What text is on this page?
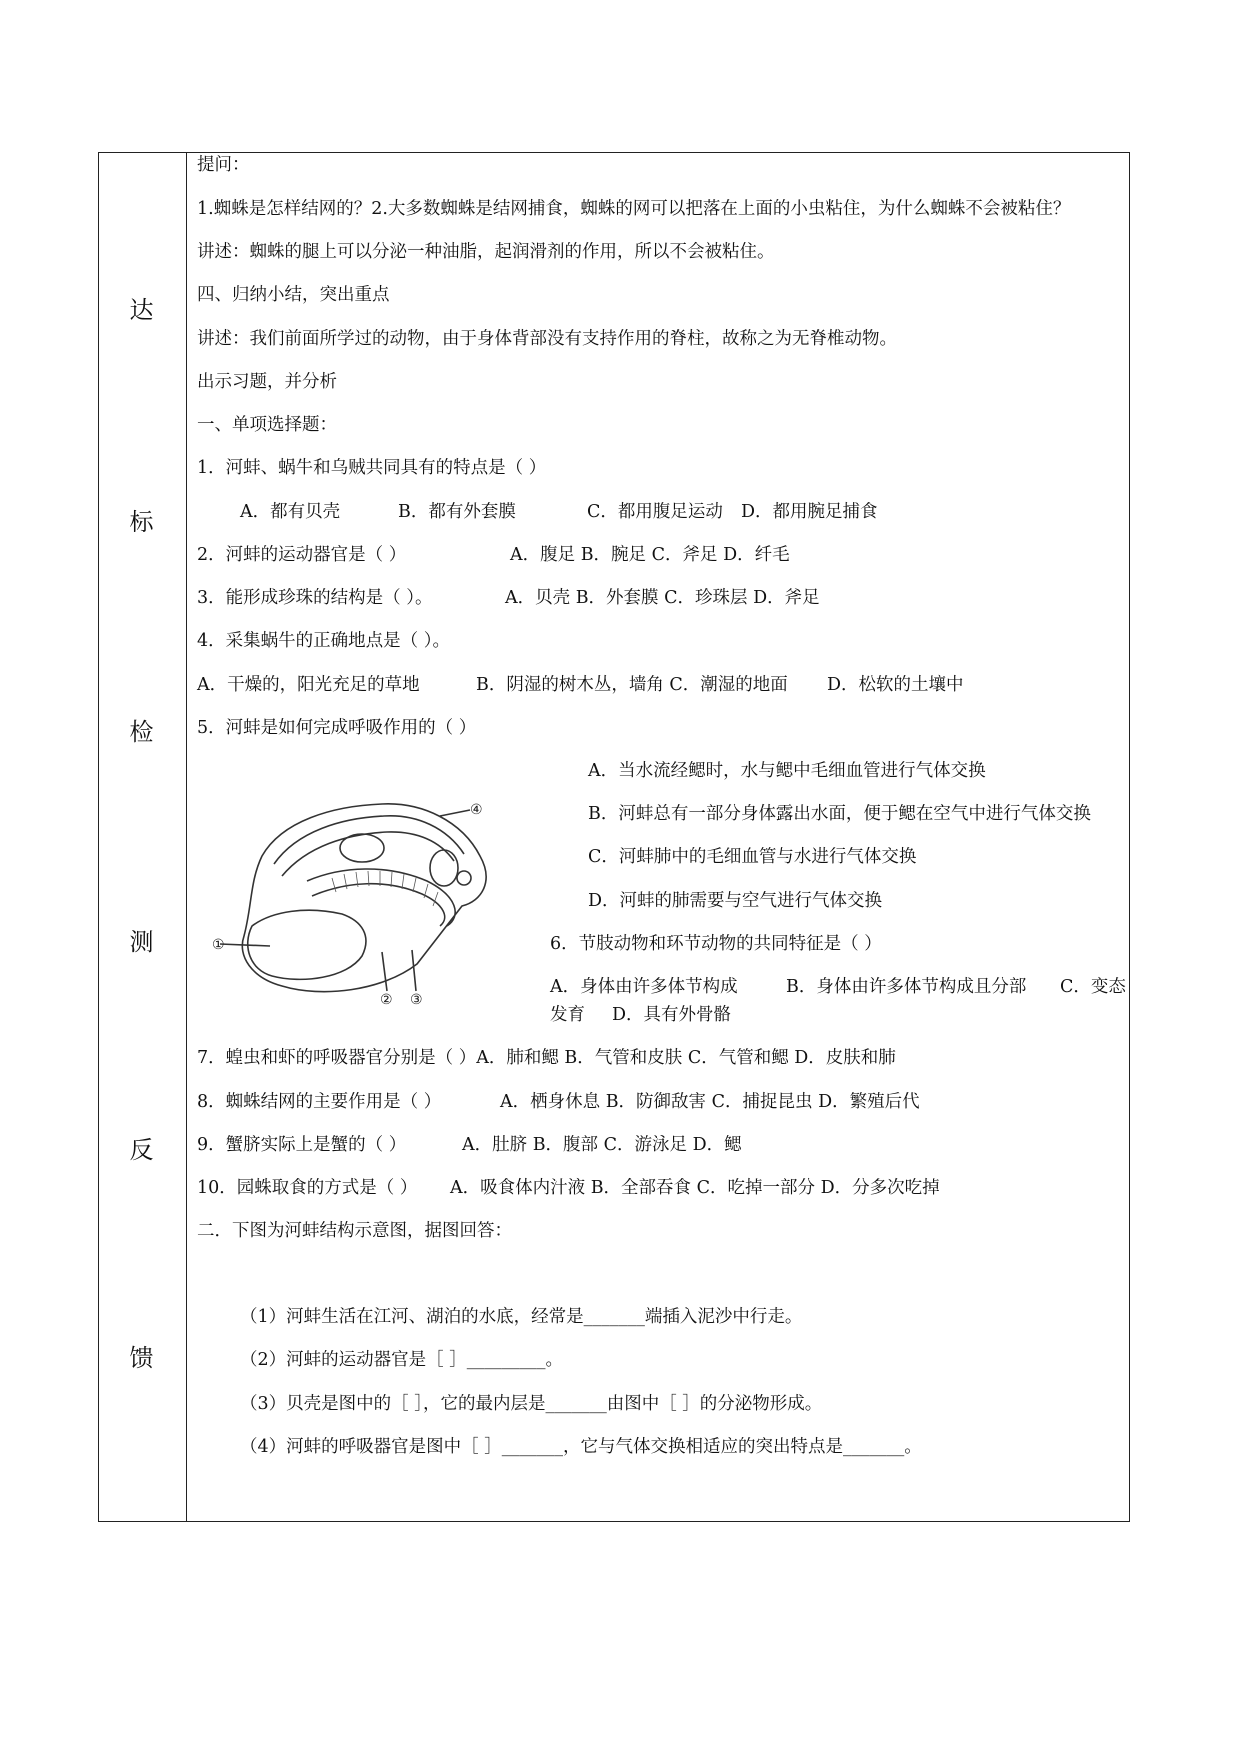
达
标
检
测
反
馈
提问：
1.蜘蛛是怎样结网的？2.大多数蜘蛛是结网捕食，蜘蛛的网可以把落在上面的小虫粘住，为什么蜘蛛不会被粘住？
讲述：蜘蛛的腿上可以分泌一种油脂，起润滑剂的作用，所以不会被粘住。
四、归纳小结，突出重点
讲述：我们前面所学过的动物，由于身体背部没有支持作用的脊柱，故称之为无脊椎动物。
出示习题，并分析
一、单项选择题：
1．河蚌、蜗牛和乌贼共同具有的特点是（ ）
A．都有贝壳	B．都有外套膜	C．都用腹足运动 D．都用腕足捕食
2．河蚌的运动器官是（ ）	A．腹足 B．腕足 C．斧足 D．纤毛
3．能形成珍珠的结构是（ ）。	A．贝壳 B．外套膜 C．珍珠层 D．斧足
4．采集蜗牛的正确地点是（ ）。
A．干燥的，阳光充足的草地	B．阴湿的树木丛，墙角 C．潮湿的地面 D．松软的土壤中
5．河蚌是如何完成呼吸作用的（ ）
A．当水流经鳃时，水与鳃中毛细血管进行气体交换
B．河蚌总有一部分身体露出水面，便于鳃在空气中进行气体交换
C．河蚌肺中的毛细血管与水进行气体交换
D．河蚌的肺需要与空气进行气体交换
6．节肢动物和环节动物的共同特征是（ ）
A．身体由许多体节构成	B．身体由许多体节构成且分部 C．变态
发育 D．具有外骨骼
7．蝗虫和虾的呼吸器官分别是（ ）A．肺和鳃 B．气管和皮肤 C．气管和鳃 D．皮肤和肺
8．蜘蛛结网的主要作用是（ ）	A．栖身休息 B．防御敌害 C．捕捉昆虫 D．繁殖后代
9．蟹脐实际上是蟹的（ ）	A．肚脐 B．腹部 C．游泳足 D．鳃
10．园蛛取食的方式是（ ） A．吸食体内汁液 B．全部吞食 C．吃掉一部分 D．分多次吃掉
二．下图为河蚌结构示意图，据图回答：
（1）河蚌生活在江河、湖泊的水底，经常是_______端插入泥沙中行走。
（2）河蚌的运动器官是［ ］_________。
（3）贝壳是图中的［ ］，它的最内层是_______由图中［ ］的分泌物形成。
（4）河蚌的呼吸器官是图中［ ］_______，它与气体交换相适应的突出特点是_______。
④
①
② ③
